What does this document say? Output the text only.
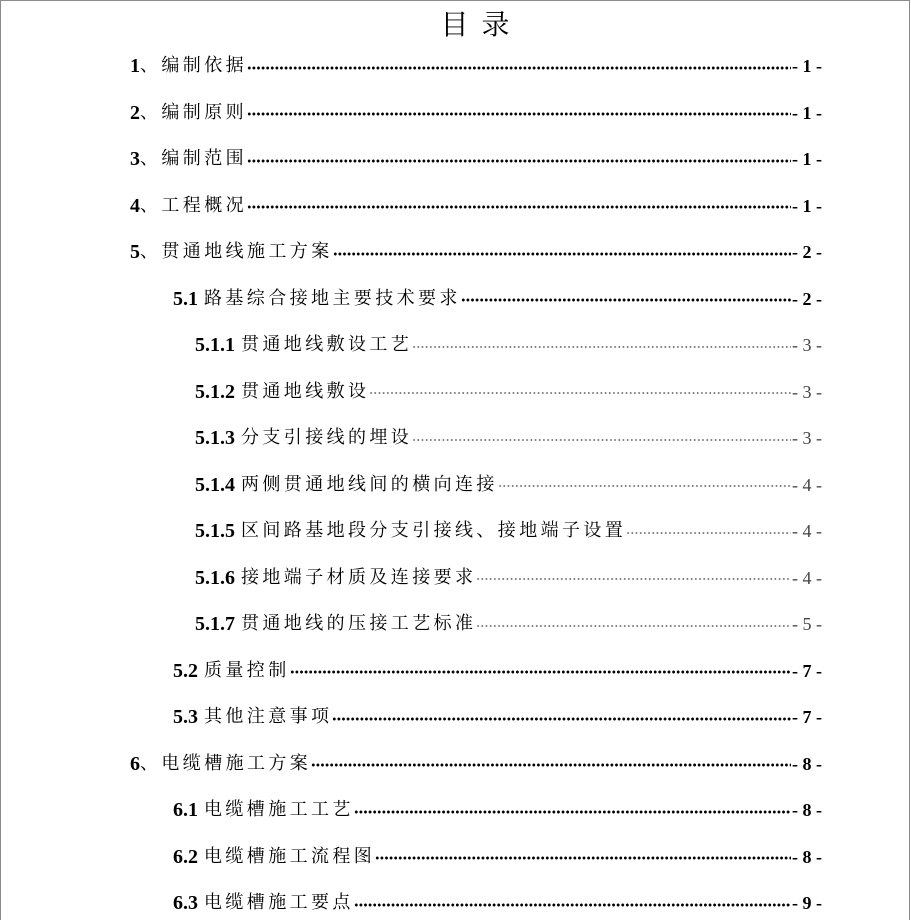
目 录
1 、编制依据	- 1 -
2 、编制原则	- 1 -
3 、编制范围	- 1 -
4 、工程概况	- 1 -
5 、贯通地线施工方案	- 2 -
5.1 路基综合接地主要技术要求	- 2 -
5.1.1 贯通地线敷设工艺	- 3 -
5.1.2 贯通地线敷设	- 3 -
5.1.3 分支引接线的埋设	- 3 -
5.1.4 两侧贯通地线间的横向连接	- 4 -
5.1.5 区间路基地段分支引接线、接地端子设置	- 4 -
5.1.6 接地端子材质及连接要求	- 4 -
5.1.7 贯通地线的压接工艺标准	- 5 -
5.2 质量控制	- 7 -
5.3 其他注意事项	- 7 -
6 、电缆槽施工方案	- 8 -
6.1 电缆槽施工工艺	- 8 -
6.2 电缆槽施工流程图	- 8 -
6.3 电缆槽施工要点	- 9 -
